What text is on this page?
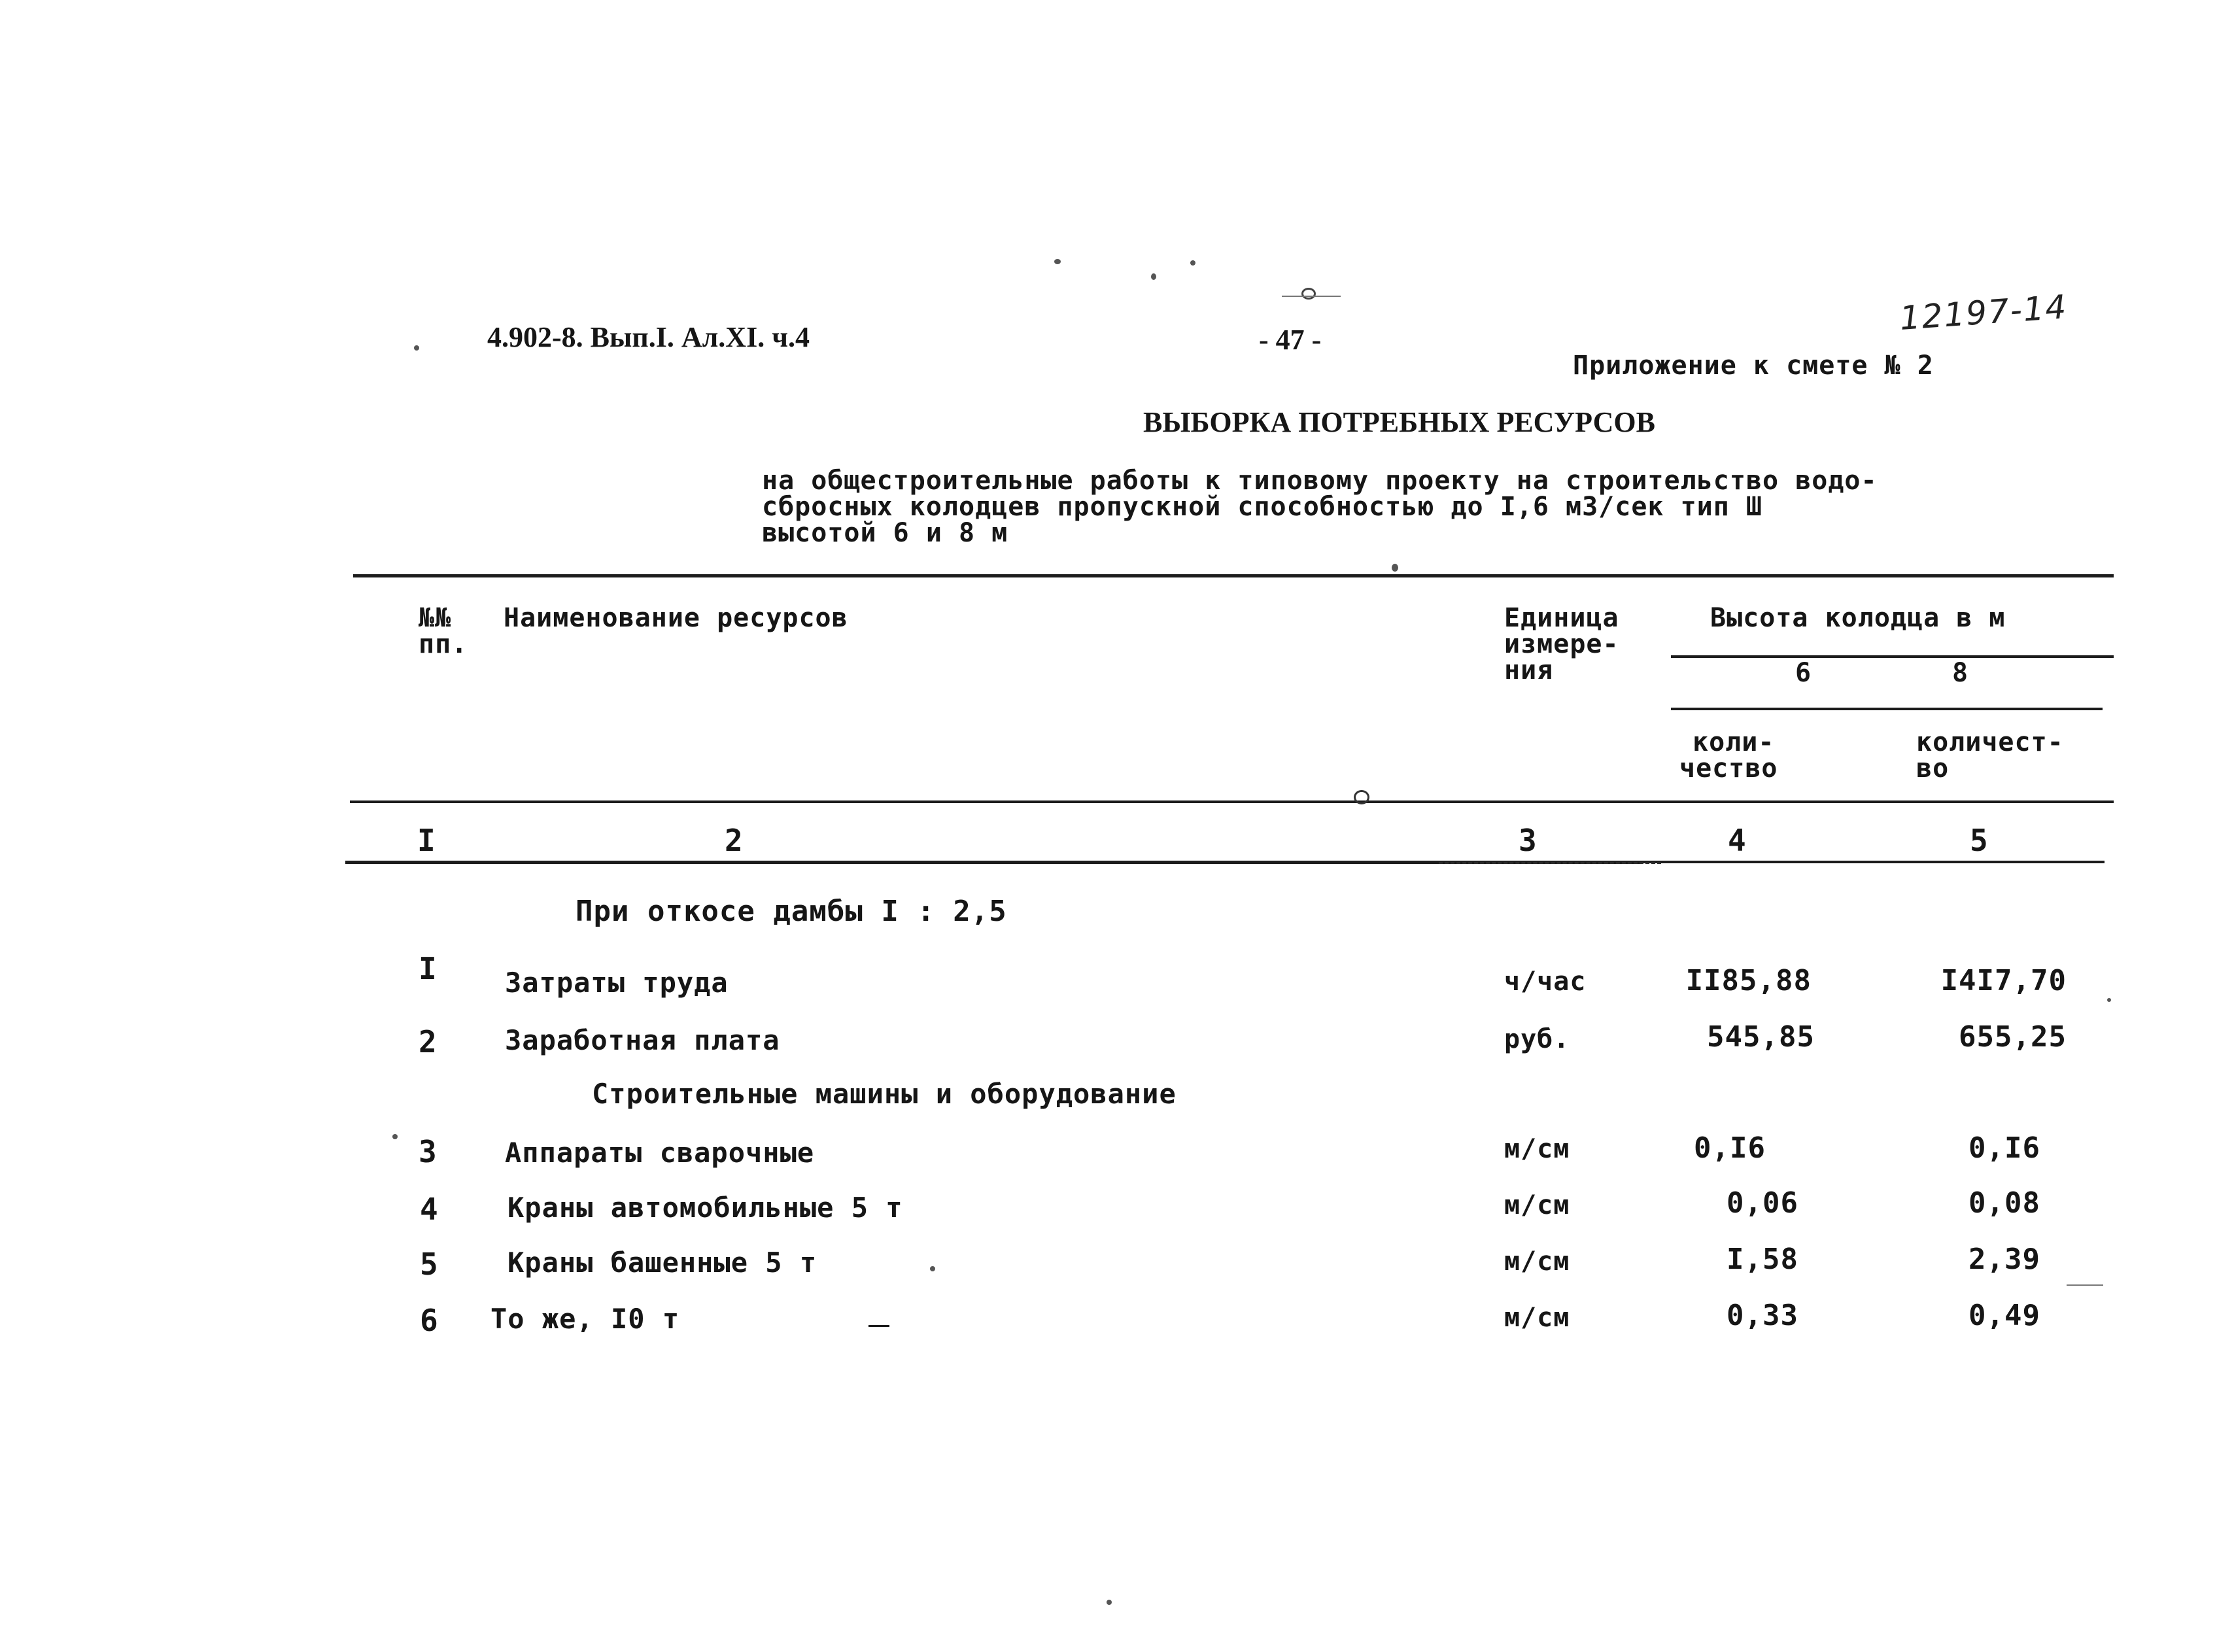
4.902-8. Вып.I. Ал.XI. ч.4	- 47 -
12197-14
Приложение к смете № 2
ВЫБОРКА ПОТРЕБНЫХ РЕСУРСОВ
на общестроительные работы к типовому проекту на строительство водо-
сбросных колодцев пропускной способностью до I,6 м3/сек тип Ш
высотой 6 и 8 м
№№
пп.
Наименование ресурсов	Единица
измере-
ния
Высота колодца в м
6	8
коли-
чество
количест-
во
I	2	3	4	5
При откосе дамбы I : 2,5
I Затраты труда	ч/час	II85,88	I4I7,70
2 Заработная плата	руб.	545,85	655,25
Строительные машины и оборудование
3 Аппараты сварочные	м/см	0,I6	0,I6
4	Краны автомобильные 5 т	м/см	0,06	0,08
5	Краны башенные 5 т	м/см	I,58	2,39
6 То же, I0 т	м/см	0,33	0,49
